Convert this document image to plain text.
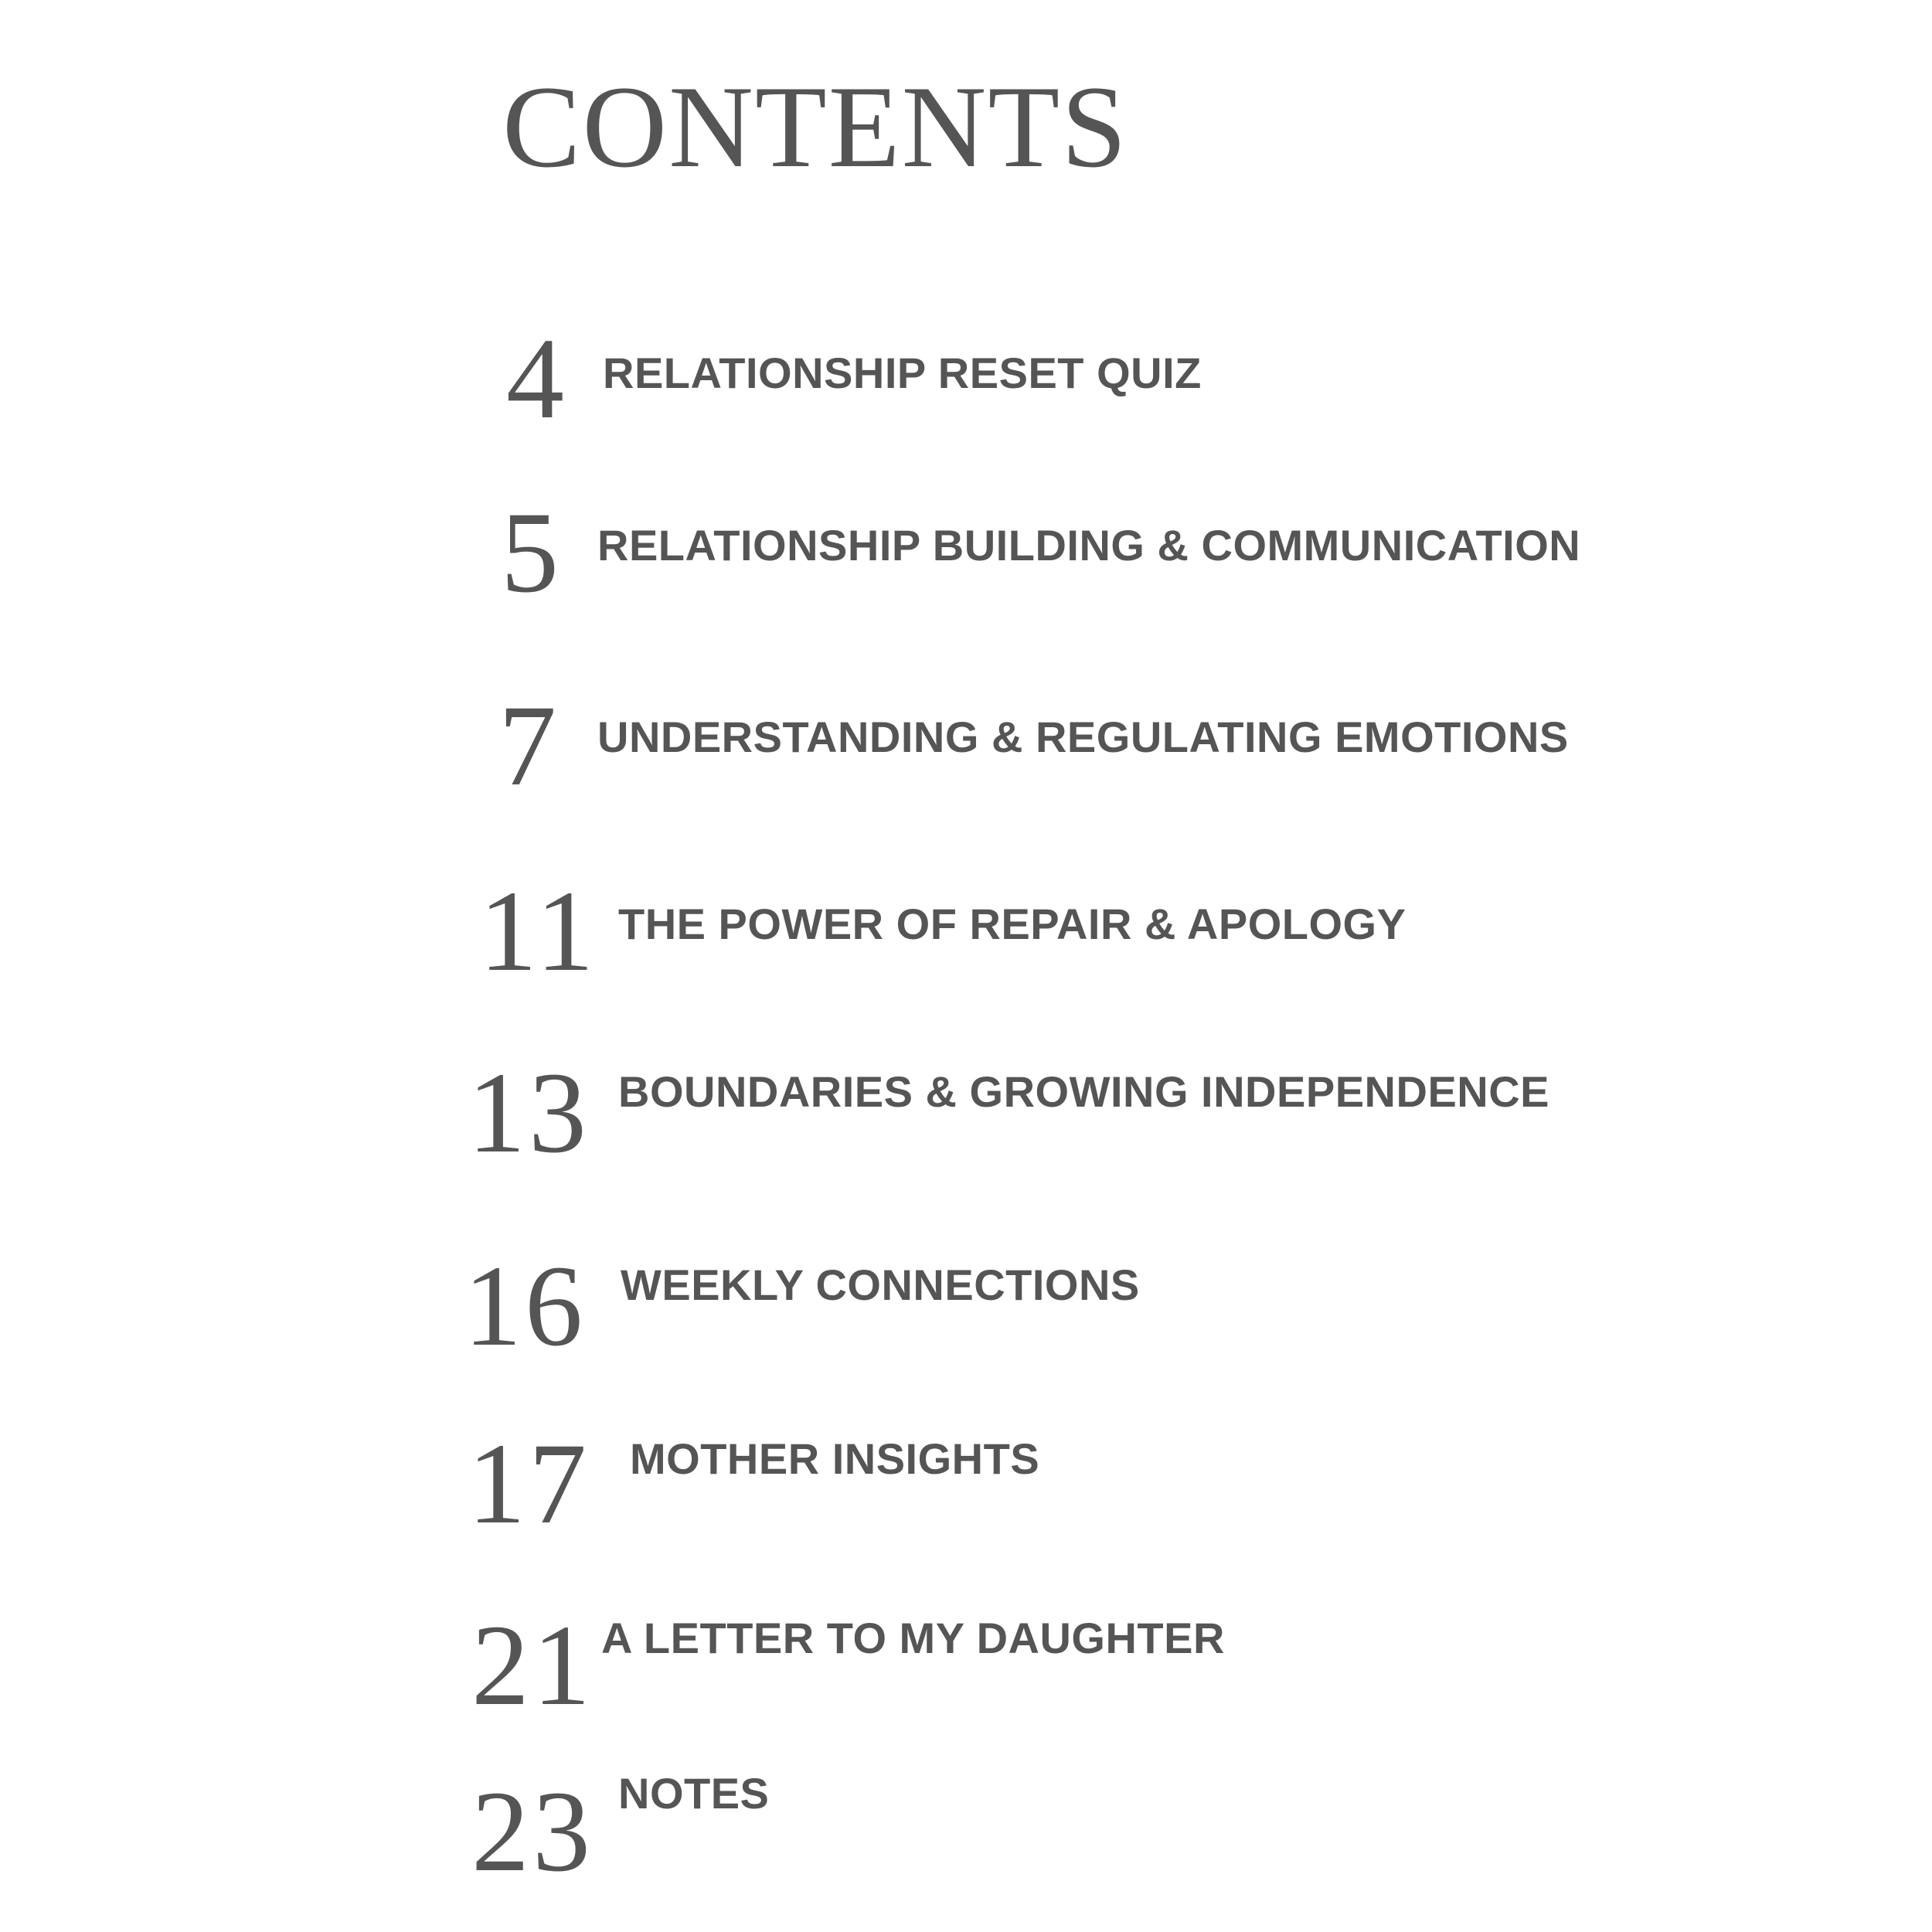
CONTENTS
4 RELATIONSHIP RESET QUIZ
5 RELATIONSHIP BUILDING & COMMUNICATION
7 UNDERSTANDING & REGULATING EMOTIONS
11 THE POWER OF REPAIR & APOLOGY
13 BOUNDARIES & GROWING INDEPENDENCE
16 WEEKLY CONNECTIONS
17 MOTHER INSIGHTS
21 A LETTER TO MY DAUGHTER
23 NOTES
